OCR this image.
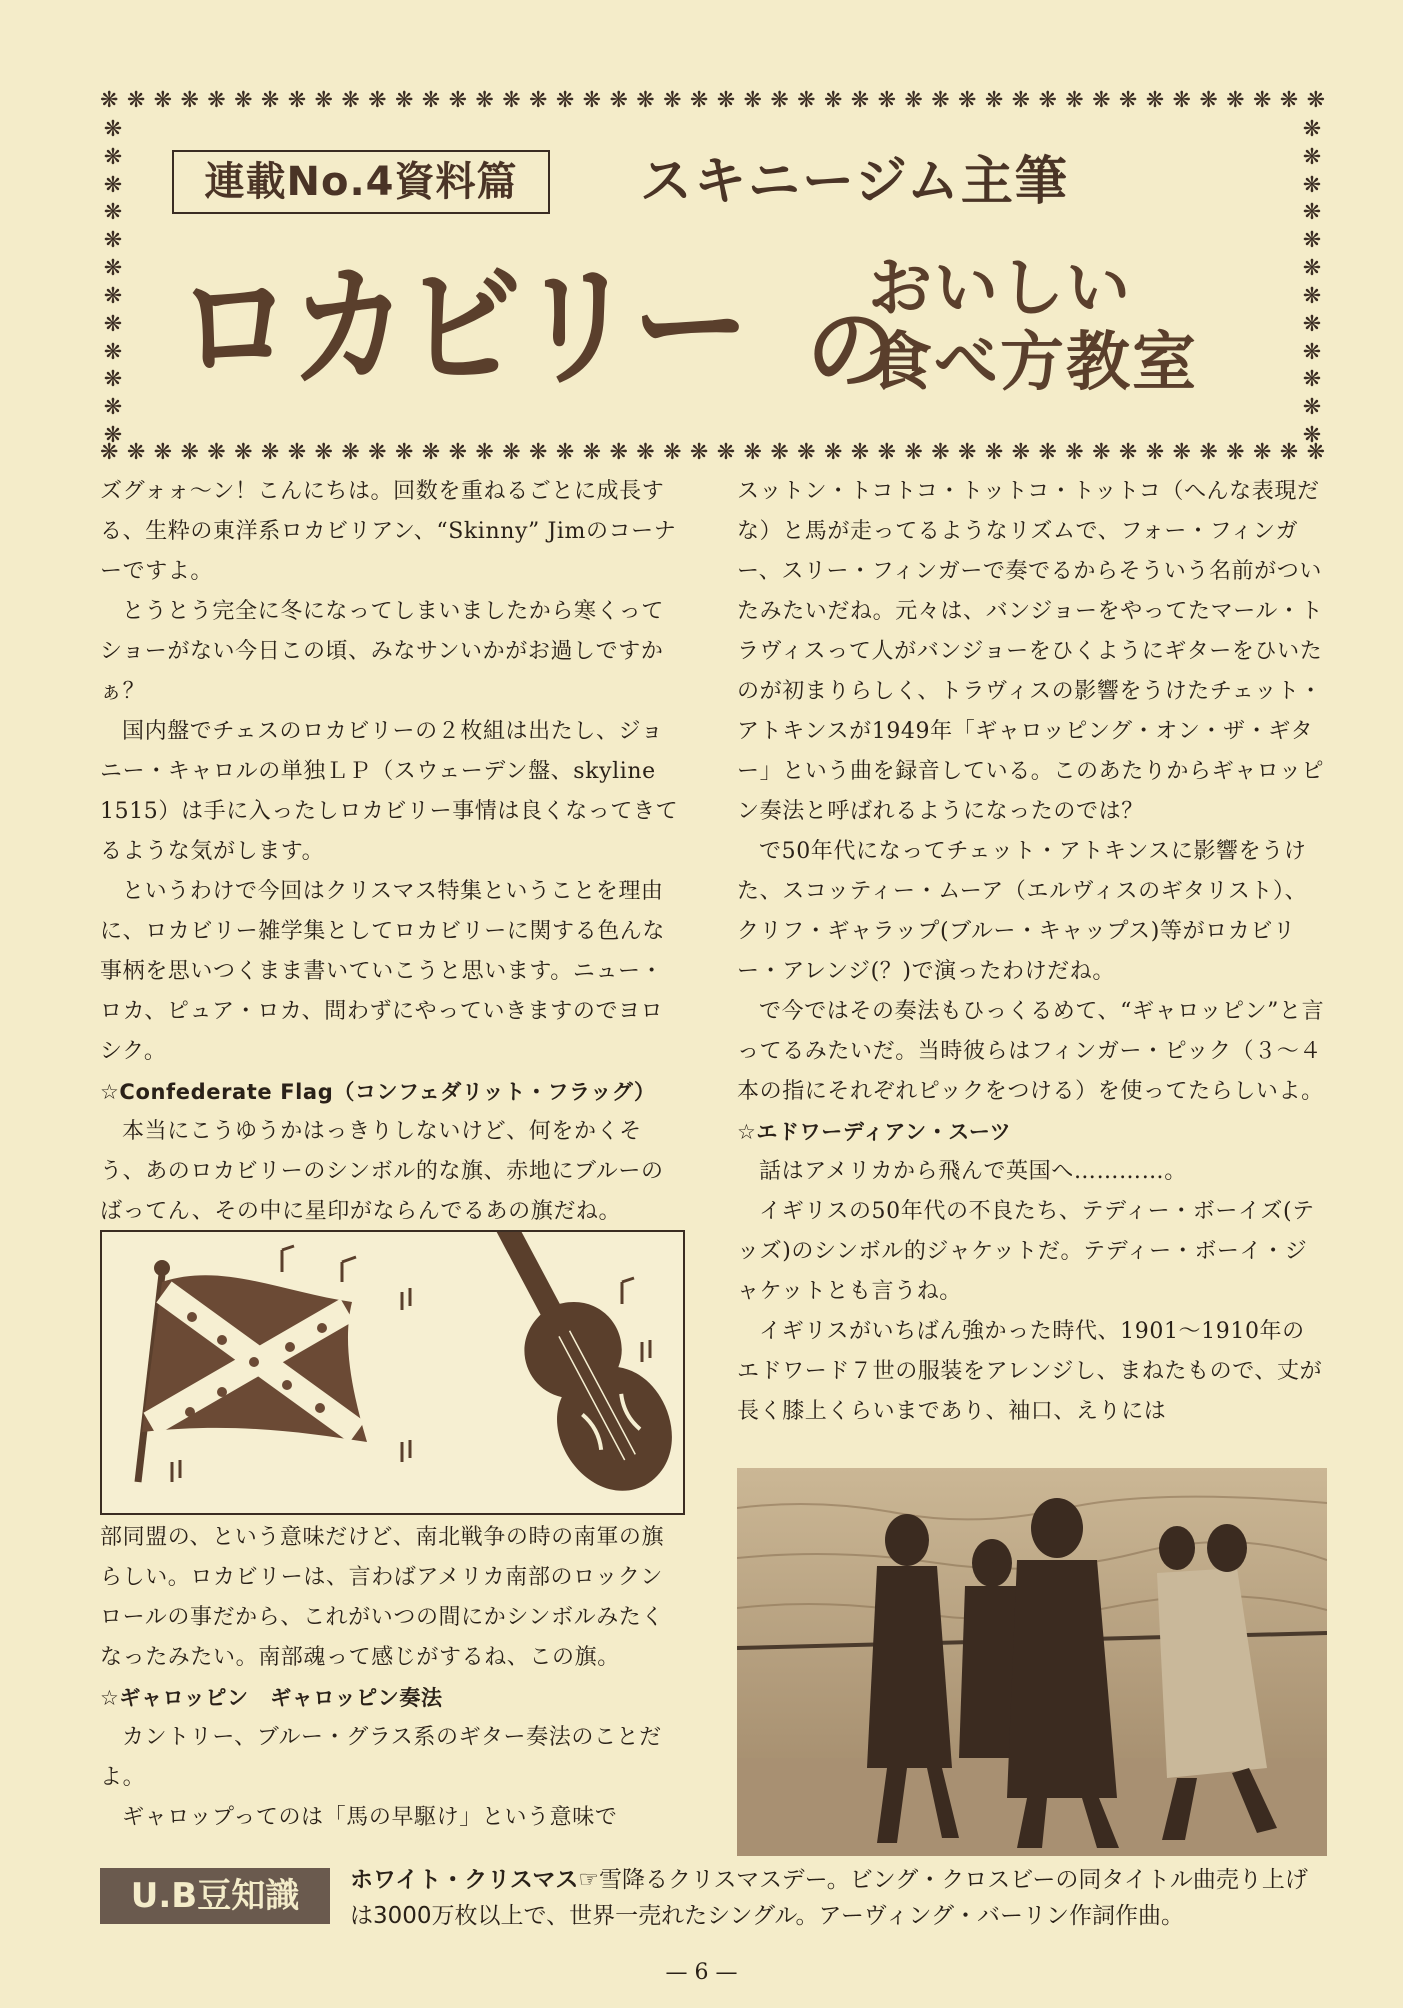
❋ ❋ ❋ ❋ ❋ ❋ ❋ ❋ ❋ ❋ ❋ ❋ ❋ ❋ ❋ ❋ ❋ ❋ ❋ ❋ ❋ ❋ ❋ ❋ ❋ ❋ ❋ ❋ ❋ ❋ ❋ ❋ ❋ ❋ ❋ ❋ ❋ ❋ ❋ ❋ ❋ ❋ ❋ ❋ ❋ ❋
❋ ❋ ❋ ❋ ❋ ❋ ❋ ❋ ❋ ❋ ❋ ❋ ❋ ❋ ❋ ❋ ❋ ❋ ❋ ❋ ❋ ❋ ❋ ❋ ❋ ❋ ❋ ❋ ❋ ❋ ❋ ❋ ❋ ❋ ❋ ❋ ❋ ❋ ❋ ❋ ❋ ❋ ❋ ❋ ❋ ❋
❋
❋
❋
❋
❋
❋
❋
❋
❋
❋
❋
❋
❋
❋
❋
❋
❋
❋
❋
❋
❋
❋
❋
❋
連載No.4資料篇	スキニージム主筆
ロカビリー の
おいしい
食べ方教室

ズグォォ〜ン！こんにちは。回数を重ねるごとに成長する、生粋の東洋系ロカビリアン、“Skinny” Jimのコーナーですよ。

とうとう完全に冬になってしまいましたから寒くってショーがない今日この頃、みなサンいかがお過しですかぁ？

国内盤でチェスのロカビリーの２枚組は出たし、ジョニー・キャロルの単独ＬＰ（スウェーデン盤、skyline 1515）は手に入ったしロカビリー事情は良くなってきてるような気がします。

というわけで今回はクリスマス特集ということを理由に、ロカビリー雑学集としてロカビリーに関する色んな事柄を思いつくまま書いていこうと思います。ニュー・ロカ、ピュア・ロカ、問わずにやっていきますのでヨロシク。

☆Confederate Flag（コンフェダリット・フラッグ）

本当にこうゆうかはっきりしないけど、何をかくそう、あのロカビリーのシンボル的な旗、赤地にブルーのばってん、その中に星印がならんでるあの旗だね。

部同盟の、という意味だけど、南北戦争の時の南軍の旗らしい。ロカビリーは、言わばアメリカ南部のロックンロールの事だから、これがいつの間にかシンボルみたくなったみたい。南部魂って感じがするね、この旗。

☆ギャロッピン　ギャロッピン奏法

カントリー、ブルー・グラス系のギター奏法のことだよ。

ギャロップってのは「馬の早駆け」という意味で

スットン・トコトコ・トットコ・トットコ（へんな表現だな）と馬が走ってるようなリズムで、フォー・フィンガー、スリー・フィンガーで奏でるからそういう名前がついたみたいだね。元々は、バンジョーをやってたマール・トラヴィスって人がバンジョーをひくようにギターをひいたのが初まりらしく、トラヴィスの影響をうけたチェット・アトキンスが1949年「ギャロッピング・オン・ザ・ギター」という曲を録音している。このあたりからギャロッピン奏法と呼ばれるようになったのでは？

で50年代になってチェット・アトキンスに影響をうけた、スコッティー・ムーア（エルヴィスのギタリスト）、クリフ・ギャラップ(ブルー・キャップス)等がロカビリー・アレンジ(？)で演ったわけだね。

で今ではその奏法もひっくるめて、“ギャロッピン”と言ってるみたいだ。当時彼らはフィンガー・ピック（３〜４本の指にそれぞれピックをつける）を使ってたらしいよ。

☆エドワーディアン・スーツ

話はアメリカから飛んで英国へ…………。

イギリスの50年代の不良たち、テディー・ボーイズ(テッズ)のシンボル的ジャケットだ。テディー・ボーイ・ジャケットとも言うね。

イギリスがいちばん強かった時代、1901〜1910年のエドワード７世の服装をアレンジし、まねたもので、丈が長く膝上くらいまであり、袖口、えりには

U.B豆知識	ホワイト・クリスマス☞雪降るクリスマスデー。ビング・クロスビーの同タイトル曲売り上げは3000万枚以上で、世界一売れたシングル。アーヴィング・バーリン作詞作曲。
— 6 —
